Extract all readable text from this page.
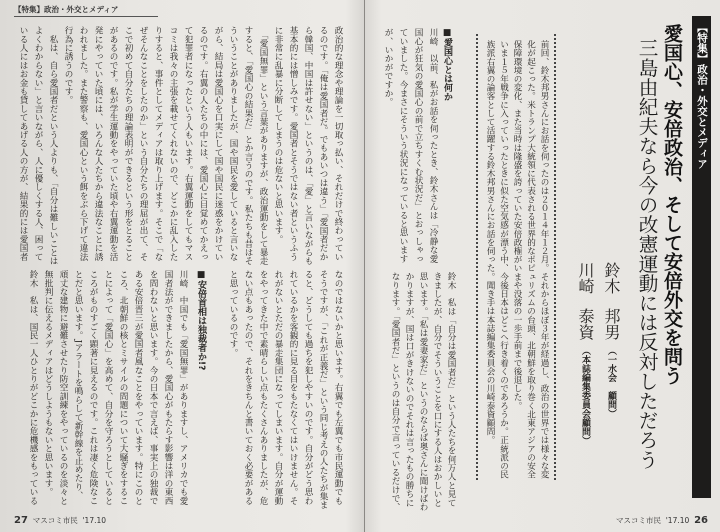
【特集】政治・外交とメディア
政治的な理念や理論を一切取っ払い、それだけで終わってい
るのです。「俺は愛国者だ。でもあいつは違う」「愛国者だか
ら韓国、中国は許せない」というのは、「愛」と言いながらも
基本的には憎しみです。愛国者とそうではない者というふう
に非常に乱暴に分断してしまうのは危ないと思います。
　「愛国無罪」という言葉がありますが、政治運動をして暴走
すると、「愛国心の結果だ」とか言うのです。私たちも昔はそ
ういうことがありましたが、国や国民を愛していると言いな
がら、結局は愛国心を口実にして国や国民に迷惑をかけてい
るのです。右翼の人たちの中には、愛国心に目覚めてかえっ
て犯罪者になったという人もいます。右翼運動をしてもマス
コミは我々の主張を載せてくれないので、どこかに乱入した
りすると、事件としてメディアは取り上げます。そこで「な
ぜそんなことをしたのか」という自分たちの理屈が出て、そ
こで初めて自分たちの理論表明ができるという形をとること
があるのです。私が学生運動をやっていた頃や右翼運動を活
発にやっていた頃には、いろんな人たちから違法なことに誘
われました。また警察も、愛国心という餌をぶら下げて違法
行為に誘うのです。
　私は、自ら愛国者だという人よりも、「自分は難しいことは
よくわからない」と言いながら、人に優しくする人、困って
いる人にはお金も貸してあげる人の方が、結果的には愛国者
なのではないかと思います。右翼でも左翼でも市民運動でも
そうですが、「これが正義だ」という同じ考えの人たちが集ま
ると、どうしても過ちを犯しやすいのです。自分がどう思わ
れているかを客観的に見る目をもたなくてはいけません。そ
れがないとただの暴走集団になってしまいます。自分が運動
をやってきた中で素晴らしい点もたくさんありましたが、危
ない点もあったので、それをきちんと書いておく必要がある
と思っているのです。
■安倍首相は独裁者か!?
川崎　中国でも「愛国無罪」がありますし、アメリカでも愛
国者法ができましたから、愛国心がもたらす影響は洋の東西
を問わないと思います。今の日本で言えば、事実上の独裁で
ある安倍晋三が愛国者風なことをやっています。特にこのと
ころ、北朝鮮の核とミサイルの問題について大騒ぎをするこ
とによって「愛国心」を高めて、自分を守ろうとしていると
ころがものすごく顕著に見えるのです。これは凄く危険なこ
とだと思います。Jアラートを鳴らして新幹線を止めたり、
頑丈な建物に避難させたり防空訓練をやっているのを淡々と
無批判に伝えるメディアはどうしようもないと思います。
鈴木　私は、国民一人ひとりがどこかに危機感をもっている
27 マスコミ市民 '17.10
【特集】政治・外交とメディア
愛国心、安倍政治、そして安倍外交を問う
三島由紀夫なら今の改憲運動には反対しただろう
鈴木邦男（一水会　顧問）
川崎泰資（本誌編集委員会顧問）
前回、鈴木邦男さんにお話を伺ったのは２０１４年１２月。それからほぼ３年が経過し、政治の世界では様々な変
化が起こった。米トランプ大統領に代表される世界的なポピュリズムの台頭、北朝鮮を取り巻く北東アジアの安全
保障環境の変化、また当時は隆盛を誇っていた安倍政権がいまや没落の一歩手前まで後退した。
いま１５年戦争に入っていったときに似た空気感が漂う中、今後日本はどこへ行き着くのであろうか。正統派の民
族派右翼の論客として活躍する鈴木邦男さんにお話を伺った。聞き手は本誌編集委員会の川崎泰資顧問。
■愛国心とは何か
川崎　以前、私がお話を伺ったとき、鈴木さんは「冷静な愛
国心が狂気の愛国心の前で立ちすくむ状況だ」とおっしゃっ
ていました。今まさにそういう状況になっていると思います
が、いかがですか。
鈴木　私は「自分は愛国者だ」という人たちを何万人と見て
きましたが、自分でそういうことを口にする人はおかしいと
思います。「私は愛妻家だ」というのならば奥さんに聞けばわ
かりますが、国は口がきけないのでそれは言ったもの勝ちに
なります。「愛国者だ」というのは自分で言っているだけで、
マスコミ市民 '17.10 26
